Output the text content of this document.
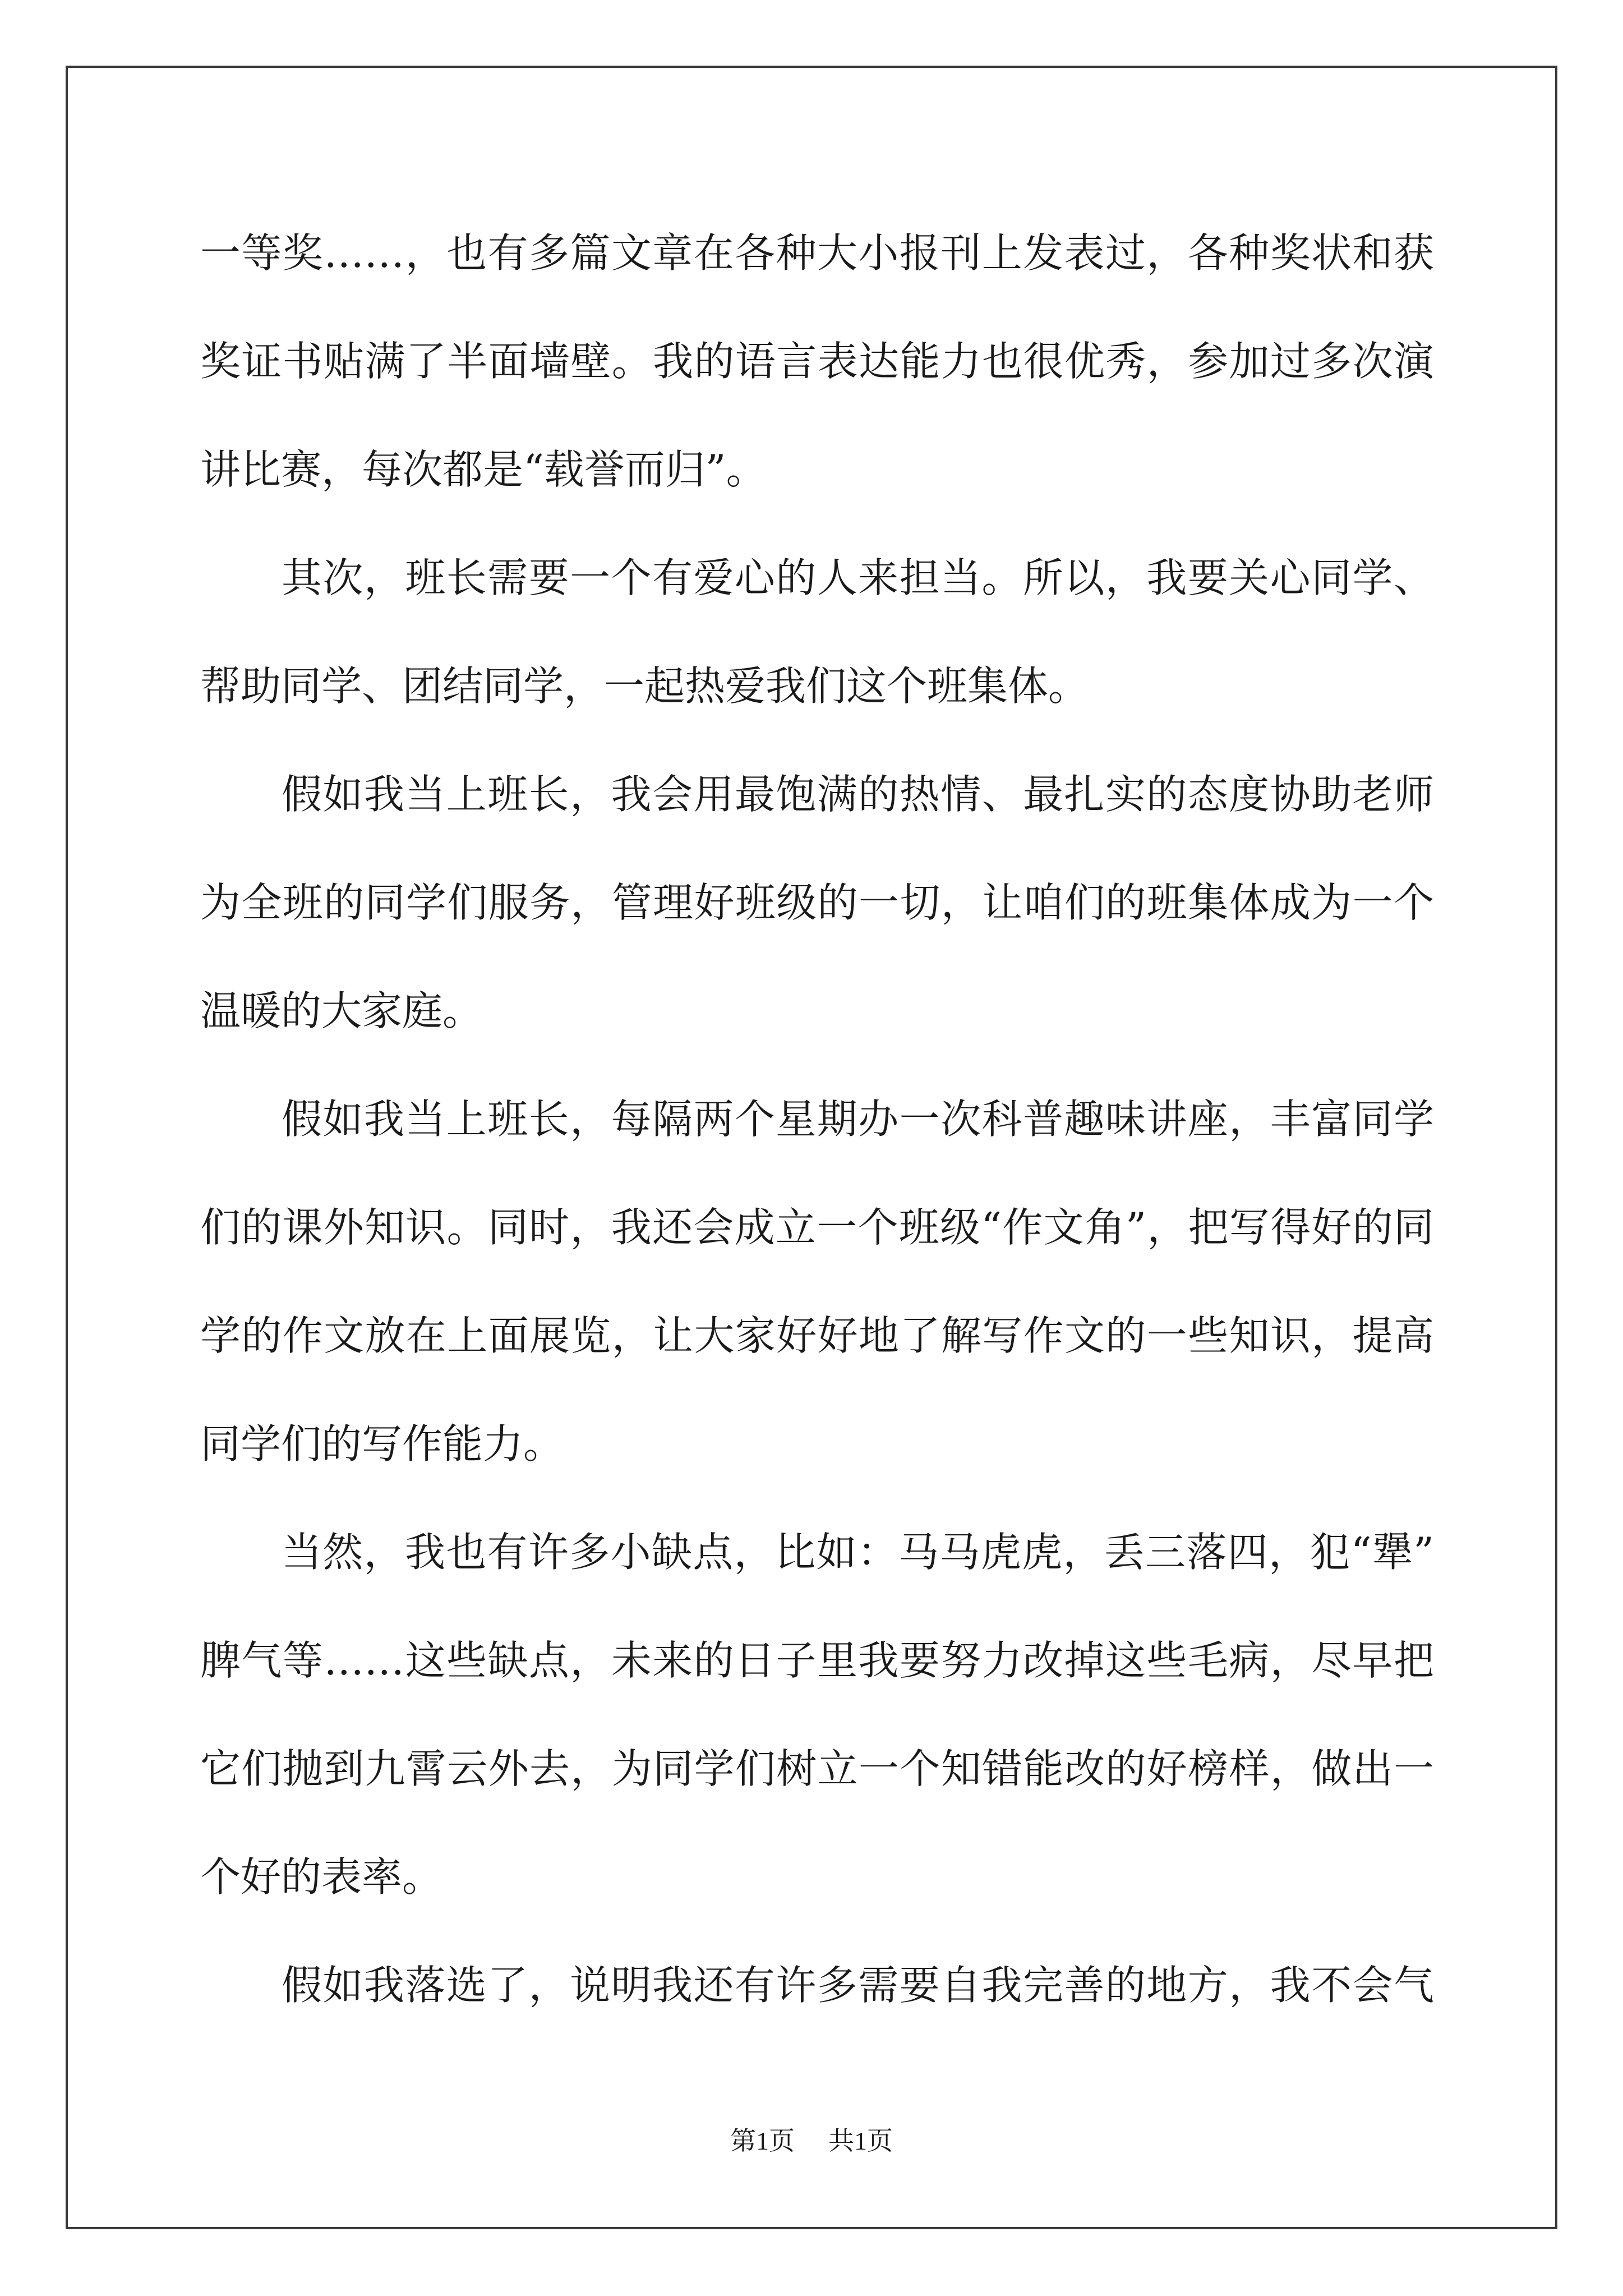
一等奖……，也有多篇文章在各种大小报刊上发表过，各种奖状和获
奖证书贴满了半面墙壁。我的语言表达能力也很优秀，参加过多次演
讲比赛，每次都是“载誉而归”。
其次，班长需要一个有爱心的人来担当。所以，我要关心同学、
帮助同学、团结同学，一起热爱我们这个班集体。
假如我当上班长，我会用最饱满的热情、最扎实的态度协助老师
为全班的同学们服务，管理好班级的一切，让咱们的班集体成为一个
温暖的大家庭。
假如我当上班长，每隔两个星期办一次科普趣味讲座，丰富同学
们的课外知识。同时，我还会成立一个班级“作文角”，把写得好的同
学的作文放在上面展览，让大家好好地了解写作文的一些知识，提高
同学们的写作能力。
当然，我也有许多小缺点，比如：马马虎虎，丢三落四，犯“犟”
脾气等……这些缺点，未来的日子里我要努力改掉这些毛病，尽早把
它们抛到九霄云外去，为同学们树立一个知错能改的好榜样，做出一
个好的表率。
假如我落选了，说明我还有许多需要自我完善的地方，我不会气
第1页 共1页
